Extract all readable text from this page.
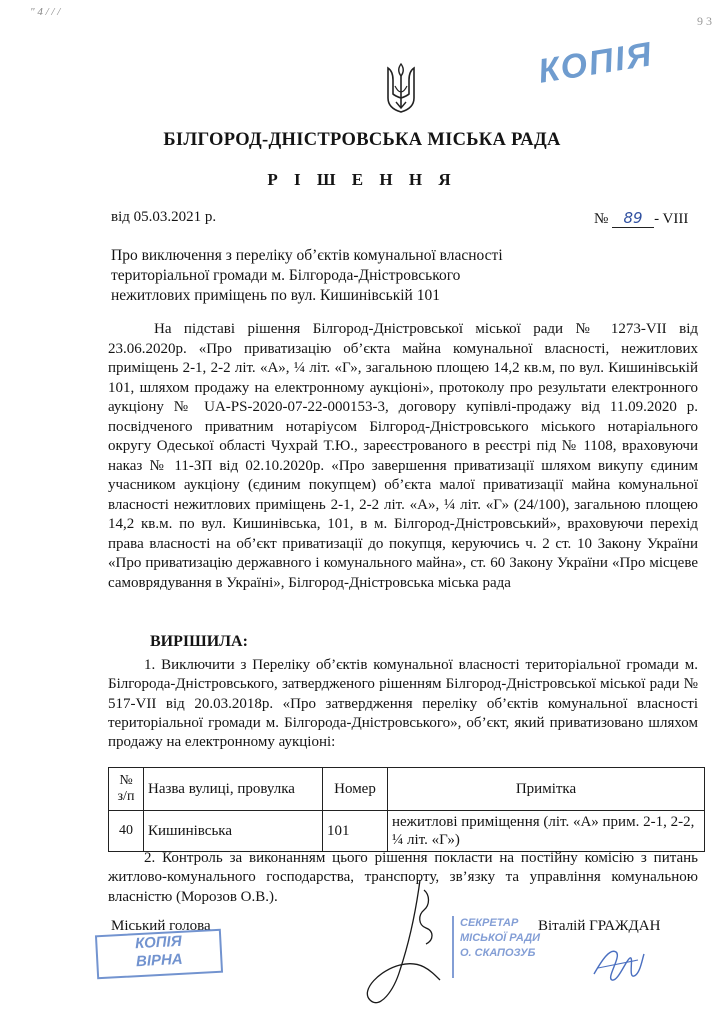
" 4 / / /
9 3
КОПІЯ
БІЛГОРОД-ДНІСТРОВСЬКА МІСЬКА РАДА
Р І Ш Е Н Н Я
від 05.03.2021 р.	№ 89 - VIII
Про виключення з переліку об’єктів комунальної власності
територіальної громади м. Білгорода-Дністровського
нежитлових приміщень по вул. Кишинівській 101
На підставі рішення Білгород-Дністровської міської ради № 1273-VII від 23.06.2020р. «Про приватизацію об’єкта майна комунальної власності, нежитлових приміщень 2-1, 2-2 літ. «А», ¼ літ. «Г», загальною площею 14,2 кв.м, по вул. Кишинівській 101, шляхом продажу на електронному аукціоні», протоколу про результати електронного аукціону № UA-PS-2020-07-22-000153-3, договору купівлі-продажу від 11.09.2020 р. посвідченого приватним нотаріусом Білгород-Дністровського міського нотаріального округу Одеської області Чухрай Т.Ю., зареєстрованого в реєстрі під № 1108, враховуючи наказ № 11-ЗП від 02.10.2020р. «Про завершення приватизації шляхом викупу єдиним учасником аукціону (єдиним покупцем) об’єкта малої приватизації майна комунальної власності нежитлових приміщень 2-1, 2-2 літ. «А», ¼ літ. «Г» (24/100), загальною площею 14,2 кв.м. по вул. Кишинівська, 101, в м. Білгород-Дністровський», враховуючи перехід права власності на об’єкт приватизації до покупця, керуючись ч. 2 ст. 10 Закону України «Про приватизацію державного і комунального майна», ст. 60 Закону України «Про місцеве самоврядування в Україні», Білгород-Дністровська міська рада
ВИРІШИЛА:
1. Виключити з Переліку об’єктів комунальної власності територіальної громади м. Білгорода-Дністровського, затвердженого рішенням Білгород-Дністровської міської ради № 517-VII від 20.03.2018р. «Про затвердження переліку об’єктів комунальної власності територіальної громади м. Білгорода-Дністровського», об’єкт, який приватизовано шляхом продажу на електронному аукціоні:
№ з/п	Назва вулиці, провулка	Номер	Примітка
40	Кишинівська	101	нежитлові приміщення (літ. «А» прим. 2-1, 2-2, ¼ літ. «Г»)
2. Контроль за виконанням цього рішення покласти на постійну комісію з питань житлово-комунального господарства, транспорту, зв’язку та управління комунальною власністю (Морозов О.В.).
Міський голова	Віталій ГРАЖДАН
КОПІЯ
ВІРНА
СЕКРЕТАР
МІСЬКОЇ РАДИ
О. СКАПОЗУБ
